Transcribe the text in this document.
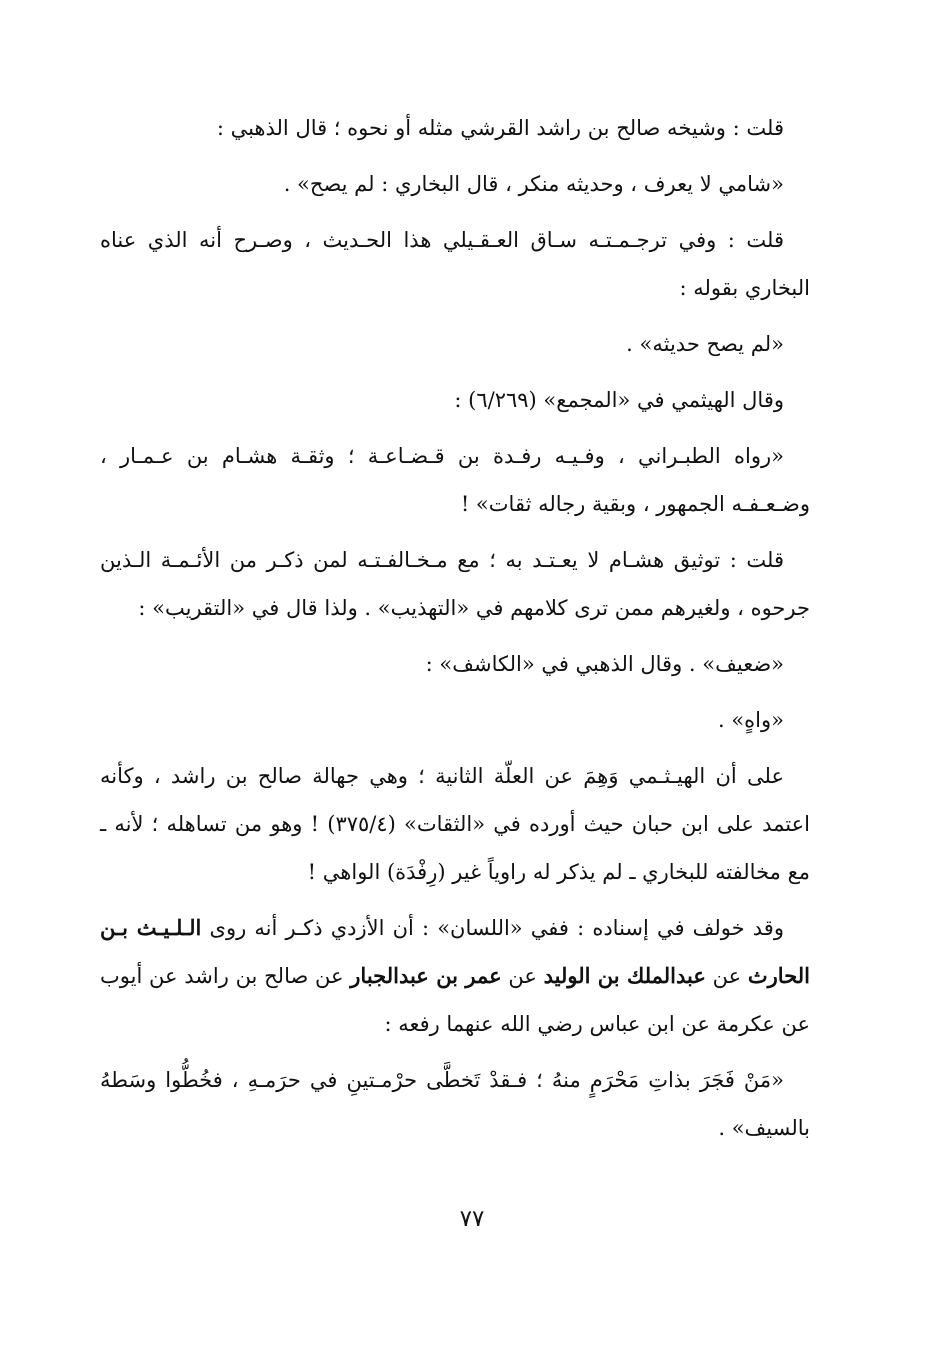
قلت : وشيخه صالح بن راشد القرشي مثله أو نحوه ؛ قال الذهبي :

«شامي لا يعرف ، وحديثه منكر ، قال البخاري : لم يصح» .

قلت : وفي ترجـمـتـه سـاق العـقـيلي هذا الحـديث ، وصـرح أنه الذي عناه البخاري بقوله :

«لم يصح حديثه» .

وقال الهيثمي في «المجمع» (٦/٢٦٩) :

«رواه الطبـراني ، وفـيـه رفـدة بن قـضـاعـة ؛ وثقـة هشـام بن عـمـار ، وضـعـفـه الجمهور ، وبقية رجاله ثقات» !

قلت : توثيق هشـام لا يعـتـد به ؛ مع مـخـالفـتـه لمن ذكـر من الأئـمـة الـذين جرحوه ، ولغيرهم ممن ترى كلامهم في «التهذيب» . ولذا قال في «التقريب» :

«ضعيف» . وقال الذهبي في «الكاشف» :

«واهٍ» .

على أن الهيـثـمي وَهِمَ عن العلّة الثانية ؛ وهي جهالة صالح بن راشد ، وكأنه اعتمد على ابن حبان حيث أورده في «الثقات» (٣٧٥/٤) ! وهو من تساهله ؛ لأنه ـ مع مخالفته للبخاري ـ لم يذكر له راوياً غير (رِفْدَة) الواهي !

وقد خولف في إسناده : ففي «اللسان» : أن الأزدي ذكـر أنه روى الـلـيـث بـن الحارث عن عبدالملك بن الوليد عن عمر بن عبدالجبار عن صالح بن راشد عن أيوب عن عكرمة عن ابن عباس رضي الله عنهما رفعه :

«مَنْ فَجَرَ بذاتِ مَحْرَمٍ منهُ ؛ فـقدْ تَخطَّى حرْمـتينِ في حرَمـهِ ، فخُطُّوا وسَطهُ بالسيف» .

٧٧
